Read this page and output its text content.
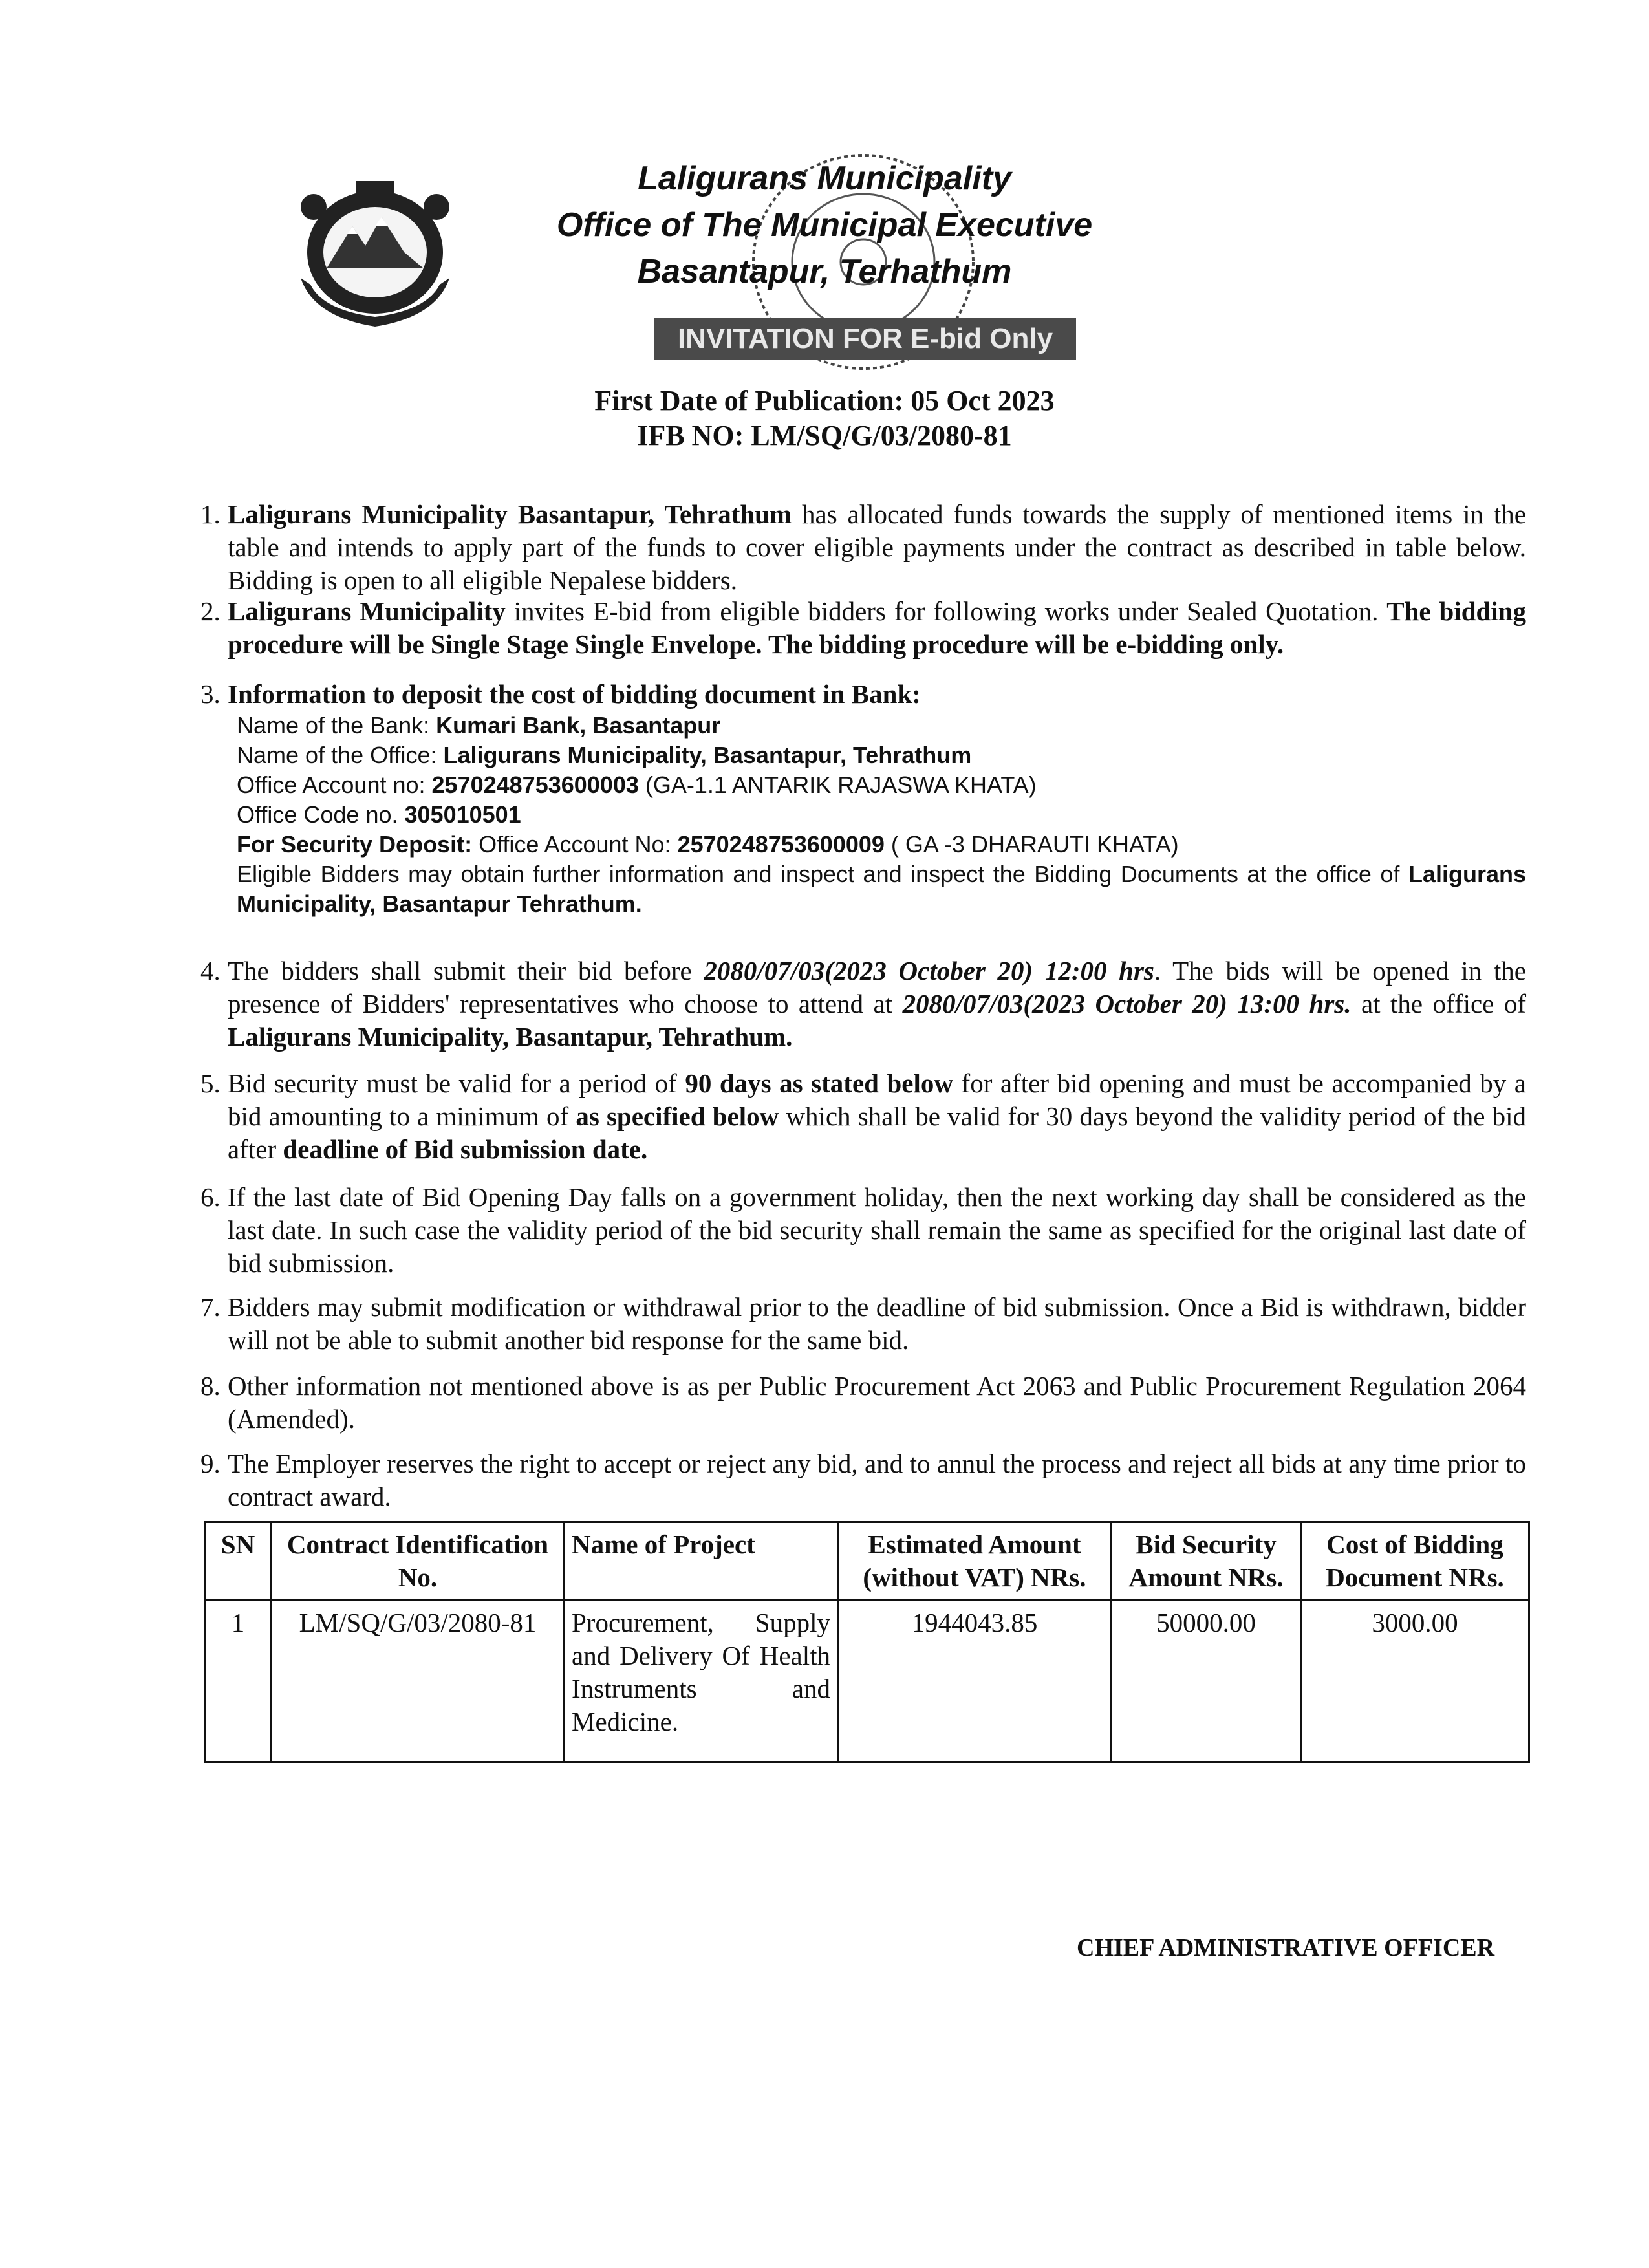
Laligurans Municipality
Office of The Municipal Executive
Basantapur, Terhathum
INVITATION FOR E-bid Only
First Date of Publication: 05 Oct 2023
IFB NO: LM/SQ/G/03/2080-81
1. Laligurans Municipality Basantapur, Tehrathum has allocated funds towards the supply of mentioned items in the table and intends to apply part of the funds to cover eligible payments under the contract as described in table below. Bidding is open to all eligible Nepalese bidders.
2. Laligurans Municipality invites E-bid from eligible bidders for following works under Sealed Quotation. The bidding procedure will be Single Stage Single Envelope. The bidding procedure will be e-bidding only.
3. Information to deposit the cost of bidding document in Bank:

Name of the Bank: Kumari Bank, Basantapur

Name of the Office: Laligurans Municipality, Basantapur, Tehrathum

Office Account no: 2570248753600003 (GA-1.1 ANTARIK RAJASWA KHATA)

Office Code no. 305010501

For Security Deposit: Office Account No: 2570248753600009 ( GA -3 DHARAUTI KHATA)

Eligible Bidders may obtain further information and inspect and inspect the Bidding Documents at the office of Laligurans Municipality, Basantapur Tehrathum.

4. The bidders shall submit their bid before 2080/07/03(2023 October 20) 12:00 hrs. The bids will be opened in the presence of Bidders' representatives who choose to attend at 2080/07/03(2023 October 20) 13:00 hrs. at the office of Laligurans Municipality, Basantapur, Tehrathum.
5. Bid security must be valid for a period of 90 days as stated below for after bid opening and must be accompanied by a bid amounting to a minimum of as specified below which shall be valid for 30 days beyond the validity period of the bid after deadline of Bid submission date.
6. If the last date of Bid Opening Day falls on a government holiday, then the next working day shall be considered as the last date. In such case the validity period of the bid security shall remain the same as specified for the original last date of bid submission.
7. Bidders may submit modification or withdrawal prior to the deadline of bid submission. Once a Bid is withdrawn, bidder will not be able to submit another bid response for the same bid.
8. Other information not mentioned above is as per Public Procurement Act 2063 and Public Procurement Regulation 2064 (Amended).
9. The Employer reserves the right to accept or reject any bid, and to annul the process and reject all bids at any time prior to contract award.
SN	Contract Identification No.	Name of Project	Estimated Amount (without VAT) NRs.	Bid Security Amount NRs.	Cost of Bidding Document NRs.
1	LM/SQ/G/03/2080-81	Procurement, Supply and Delivery Of Health Instruments and Medicine.	1944043.85	50000.00	3000.00
CHIEF ADMINISTRATIVE OFFICER
